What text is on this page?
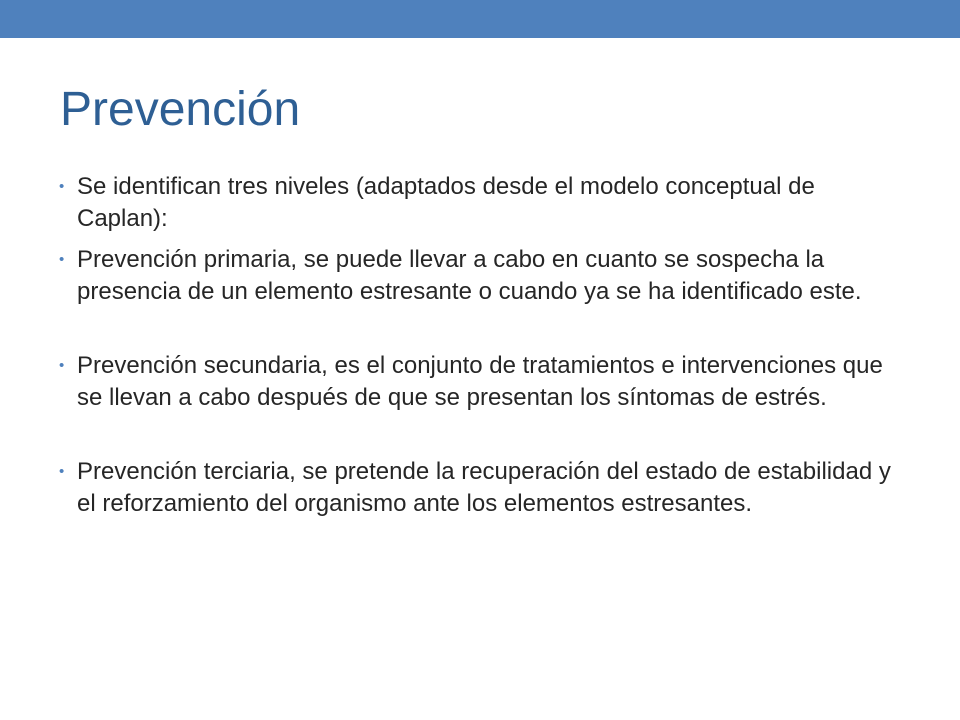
Prevención
• Se identifican tres niveles (adaptados desde el modelo conceptual de Caplan):
• Prevención primaria, se puede llevar a cabo en cuanto se sospecha la presencia de un elemento estresante o cuando ya se ha identificado este.
• Prevención secundaria, es el conjunto de tratamientos e intervenciones que se llevan a cabo después de que se presentan los síntomas de estrés.
• Prevención terciaria, se pretende la recuperación del estado de estabilidad y el reforzamiento del organismo ante los elementos estresantes.
